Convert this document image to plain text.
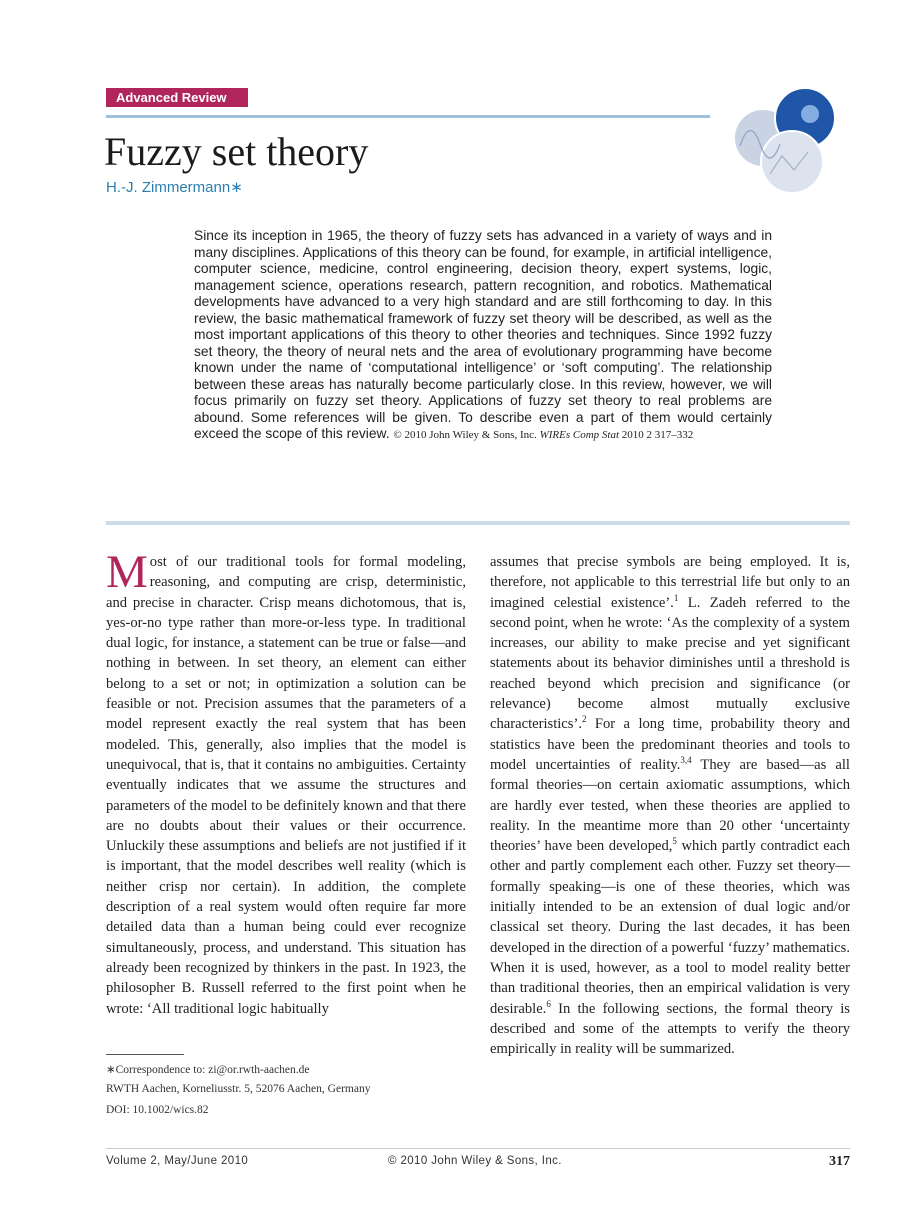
Advanced Review
Fuzzy set theory
H.-J. Zimmermann∗
Since its inception in 1965, the theory of fuzzy sets has advanced in a variety of ways and in many disciplines. Applications of this theory can be found, for example, in artificial intelligence, computer science, medicine, control engineering, decision theory, expert systems, logic, management science, operations research, pattern recognition, and robotics. Mathematical developments have advanced to a very high standard and are still forthcoming to day. In this review, the basic mathematical framework of fuzzy set theory will be described, as well as the most important applications of this theory to other theories and techniques. Since 1992 fuzzy set theory, the theory of neural nets and the area of evolutionary programming have become known under the name of ‘computational intelligence’ or ‘soft computing’. The relationship between these areas has naturally become particularly close. In this review, however, we will focus primarily on fuzzy set theory. Applications of fuzzy set theory to real problems are abound. Some references will be given. To describe even a part of them would certainly exceed the scope of this review. © 2010 John Wiley & Sons, Inc. WIREs Comp Stat 2010 2 317–332

Most of our traditional tools for formal modeling, reasoning, and computing are crisp, deterministic, and precise in character. Crisp means dichotomous, that is, yes-or-no type rather than more-or-less type. In traditional dual logic, for instance, a statement can be true or false—and nothing in between. In set theory, an element can either belong to a set or not; in optimization a solution can be feasible or not. Precision assumes that the parameters of a model represent exactly the real system that has been modeled. This, generally, also implies that the model is unequivocal, that is, that it contains no ambiguities. Certainty eventually indicates that we assume the structures and parameters of the model to be definitely known and that there are no doubts about their values or their occurrence. Unluckily these assumptions and beliefs are not justified if it is important, that the model describes well reality (which is neither crisp nor certain). In addition, the complete description of a real system would often require far more detailed data than a human being could ever recognize simultaneously, process, and understand. This situation has already been recognized by thinkers in the past. In 1923, the philosopher B. Russell referred to the first point when he wrote: ‘All traditional logic habitually

assumes that precise symbols are being employed. It is, therefore, not applicable to this terrestrial life but only to an imagined celestial existence’.$^1$ L. Zadeh referred to the second point, when he wrote: ‘As the complexity of a system increases, our ability to make precise and yet significant statements about its behavior diminishes until a threshold is reached beyond which precision and significance (or relevance) become almost mutually exclusive characteristics’.$^2$ For a long time, probability theory and statistics have been the predominant theories and tools to model uncertainties of reality.$^{3,4}$ They are based—as all formal theories—on certain axiomatic assumptions, which are hardly ever tested, when these theories are applied to reality. In the meantime more than 20 other ‘uncertainty theories’ have been developed,$^5$ which partly contradict each other and partly complement each other. Fuzzy set theory—formally speaking—is one of these theories, which was initially intended to be an extension of dual logic and/or classical set theory. During the last decades, it has been developed in the direction of a powerful ‘fuzzy’ mathematics. When it is used, however, as a tool to model reality better than traditional theories, then an empirical validation is very desirable.$^6$ In the following sections, the formal theory is described and some of the attempts to verify the theory empirically in reality will be summarized.

∗Correspondence to: zi@or.rwth-aachen.de
RWTH Aachen, Korneliusstr. 5, 52076 Aachen, Germany
DOI: 10.1002/wics.82
Volume 2, May/June 2010	© 2010 John Wiley & Sons, Inc.	317
